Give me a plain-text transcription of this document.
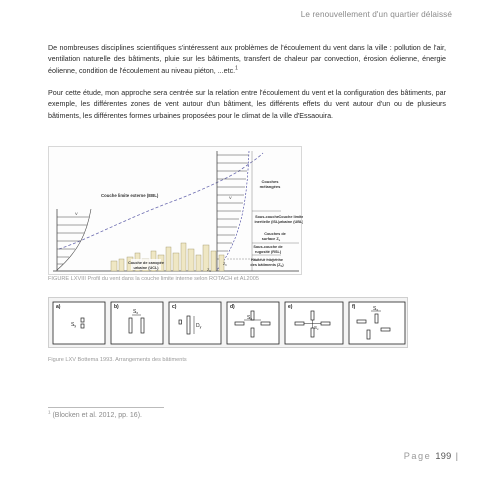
Le renouvellement d'un quartier délaissé

De nombreuses disciplines scientifiques s'intéressent aux problèmes de l'écoulement du vent dans la ville : pollution de l'air, ventilation naturelle des bâtiments, pluie sur les bâtiments, transfert de chaleur par convection, érosion éolienne, énergie éolienne, condition de l'écoulement au niveau piéton, ...etc.$^1$

Pour cette étude, mon approche sera centrée sur la relation entre l'écoulement du vent et la configuration des bâtiments, par exemple, les différentes zones de vent autour d'un bâtiment, les différents effets du vent autour d'un ou de plusieurs bâtiments, les différentes formes urbaines proposées pour le climat de la ville d'Essaouira.

V
V
Couche limite externe (EBL)
Couches
mélangées
Sous-couche
inertielle (ISL)
Couche limite
urbaine (UBL)
Couches de
surface $Z_s$
Sous-couche de
rugosité (RSL)
Couche de canopée
urbaine (UCL)
Hauteur moyenne
des bâtiments $(Z_h)$
$Z_h$
$Z_s$
FIGURE LXVIII Profil du vent dans la couche limite interne selon ROTACH et AL2005
a)	b)	c)	d)	e)	f)
$S_y$
$S_x$
$D_y$
$S_x$
$S_x$
$S_x$
Figure LXV Bottema 1993. Arrangements des bâtiments
$^1$ (Blocken et al. 2012, pp. 16).
Page 199 |
